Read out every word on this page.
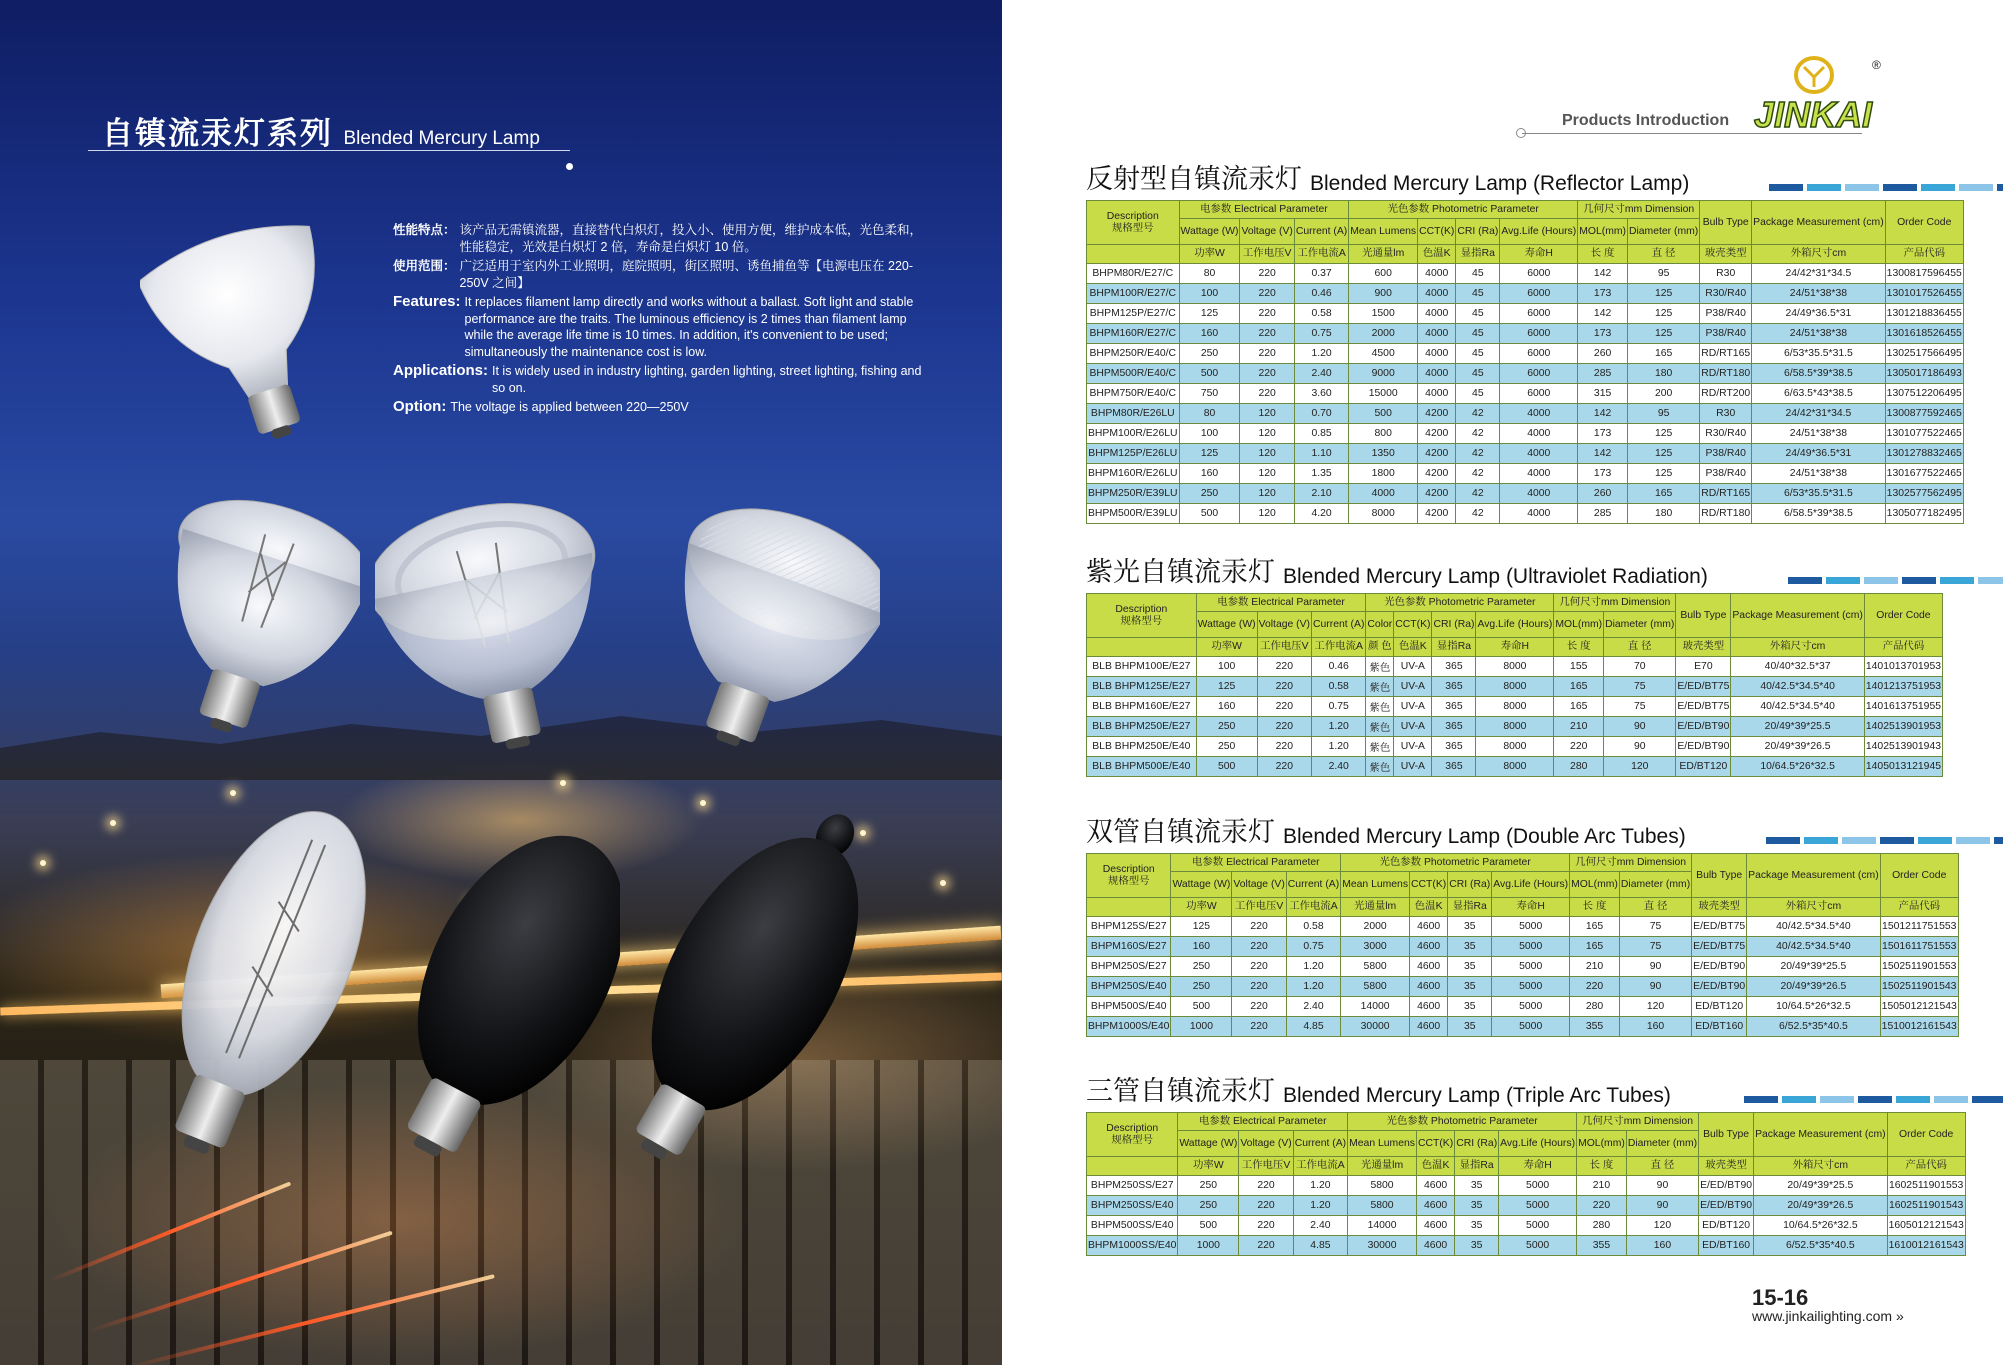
自镇流汞灯系列 Blended Mercury Lamp
性能特点： 该产品无需镇流器，直接替代白炽灯，投入小、使用方便，维护成本低，光色柔和，性能稳定，光效是白炽灯 2 倍，寿命是白炽灯 10 倍。
使用范围： 广泛适用于室内外工业照明，庭院照明，街区照明、诱鱼捕鱼等【电源电压在 220-250V 之间】
Features: It replaces filament lamp directly and works without a ballast. Soft light and stable performance are the traits. The luminous efficiency is 2 times than filament lamp while the average life time is 10 times. In addition, it's convenient to be used; simultaneously the maintenance cost is low.
Applications: It is widely used in industry lighting, garden lighting, street lighting, fishing and so on.
Option: The voltage is applied between 220—250V
Products Introduction JINKAI
®
反射型自镇流汞灯 Blended Mercury Lamp (Reflector Lamp)
Description
规格型号	电参数 Electrical Parameter			光色参数 Photometric Parameter				几何尺寸mm Dimension		Bulb Type	Package Measurement (cm)	Order Code
	Wattage (W)	Voltage (V)	Current (A)	Mean Lumens	CCT(K)	CRI (Ra)	Avg.Life (Hours)	MOL(mm)	Diameter (mm)			
	功率W	工作电压V	工作电流A	光通量lm	色温K	显指Ra	寿命H	长 度	直 径	玻壳类型	外箱尺寸cm	产品代码
BHPM80R/E27/C	80	220	0.37	600	4000	45	6000	142	95	R30	24/42*31*34.5	1300817596455
BHPM100R/E27/C	100	220	0.46	900	4000	45	6000	173	125	R30/R40	24/51*38*38	1301017526455
BHPM125P/E27/C	125	220	0.58	1500	4000	45	6000	142	125	P38/R40	24/49*36.5*31	1301218836455
BHPM160R/E27/C	160	220	0.75	2000	4000	45	6000	173	125	P38/R40	24/51*38*38	1301618526455
BHPM250R/E40/C	250	220	1.20	4500	4000	45	6000	260	165	RD/RT165	6/53*35.5*31.5	1302517566495
BHPM500R/E40/C	500	220	2.40	9000	4000	45	6000	285	180	RD/RT180	6/58.5*39*38.5	1305017186493
BHPM750R/E40/C	750	220	3.60	15000	4000	45	6000	315	200	RD/RT200	6/63.5*43*38.5	1307512206495
BHPM80R/E26LU	80	120	0.70	500	4200	42	4000	142	95	R30	24/42*31*34.5	1300877592465
BHPM100R/E26LU	100	120	0.85	800	4200	42	4000	173	125	R30/R40	24/51*38*38	1301077522465
BHPM125P/E26LU	125	120	1.10	1350	4200	42	4000	142	125	P38/R40	24/49*36.5*31	1301278832465
BHPM160R/E26LU	160	120	1.35	1800	4200	42	4000	173	125	P38/R40	24/51*38*38	1301677522465
BHPM250R/E39LU	250	120	2.10	4000	4200	42	4000	260	165	RD/RT165	6/53*35.5*31.5	1302577562495
BHPM500R/E39LU	500	120	4.20	8000	4200	42	4000	285	180	RD/RT180	6/58.5*39*38.5	1305077182495
紫光自镇流汞灯 Blended Mercury Lamp (Ultraviolet Radiation)
Description
规格型号	电参数 Electrical Parameter			光色参数 Photometric Parameter				几何尺寸mm Dimension		Bulb Type	Package Measurement (cm)	Order Code
	Wattage (W)	Voltage (V)	Current (A)	Color	CCT(K)	CRI (Ra)	Avg.Life (Hours)	MOL(mm)	Diameter (mm)			
	功率W	工作电压V	工作电流A	颜 色	色温K	显指Ra	寿命H	长 度	直 径	玻壳类型	外箱尺寸cm	产品代码
BLB BHPM100E/E27	100	220	0.46	紫色	UV-A	365	8000	155	70	E70	40/40*32.5*37	1401013701953
BLB BHPM125E/E27	125	220	0.58	紫色	UV-A	365	8000	165	75	E/ED/BT75	40/42.5*34.5*40	1401213751953
BLB BHPM160E/E27	160	220	0.75	紫色	UV-A	365	8000	165	75	E/ED/BT75	40/42.5*34.5*40	1401613751955
BLB BHPM250E/E27	250	220	1.20	紫色	UV-A	365	8000	210	90	E/ED/BT90	20/49*39*25.5	1402513901953
BLB BHPM250E/E40	250	220	1.20	紫色	UV-A	365	8000	220	90	E/ED/BT90	20/49*39*26.5	1402513901943
BLB BHPM500E/E40	500	220	2.40	紫色	UV-A	365	8000	280	120	ED/BT120	10/64.5*26*32.5	1405013121945
双管自镇流汞灯 Blended Mercury Lamp (Double Arc Tubes)
Description
规格型号	电参数 Electrical Parameter			光色参数 Photometric Parameter				几何尺寸mm Dimension		Bulb Type	Package Measurement (cm)	Order Code
	Wattage (W)	Voltage (V)	Current (A)	Mean Lumens	CCT(K)	CRI (Ra)	Avg.Life (Hours)	MOL(mm)	Diameter (mm)			
	功率W	工作电压V	工作电流A	光通量lm	色温K	显指Ra	寿命H	长 度	直 径	玻壳类型	外箱尺寸cm	产品代码
BHPM125S/E27	125	220	0.58	2000	4600	35	5000	165	75	E/ED/BT75	40/42.5*34.5*40	1501211751553
BHPM160S/E27	160	220	0.75	3000	4600	35	5000	165	75	E/ED/BT75	40/42.5*34.5*40	1501611751553
BHPM250S/E27	250	220	1.20	5800	4600	35	5000	210	90	E/ED/BT90	20/49*39*25.5	1502511901553
BHPM250S/E40	250	220	1.20	5800	4600	35	5000	220	90	E/ED/BT90	20/49*39*26.5	1502511901543
BHPM500S/E40	500	220	2.40	14000	4600	35	5000	280	120	ED/BT120	10/64.5*26*32.5	1505012121543
BHPM1000S/E40	1000	220	4.85	30000	4600	35	5000	355	160	ED/BT160	6/52.5*35*40.5	1510012161543
三管自镇流汞灯 Blended Mercury Lamp (Triple Arc Tubes)
Description
规格型号	电参数 Electrical Parameter			光色参数 Photometric Parameter				几何尺寸mm Dimension		Bulb Type	Package Measurement (cm)	Order Code
	Wattage (W)	Voltage (V)	Current (A)	Mean Lumens	CCT(K)	CRI (Ra)	Avg.Life (Hours)	MOL(mm)	Diameter (mm)			
	功率W	工作电压V	工作电流A	光通量lm	色温K	显指Ra	寿命H	长 度	直 径	玻壳类型	外箱尺寸cm	产品代码
BHPM250SS/E27	250	220	1.20	5800	4600	35	5000	210	90	E/ED/BT90	20/49*39*25.5	1602511901553
BHPM250SS/E40	250	220	1.20	5800	4600	35	5000	220	90	E/ED/BT90	20/49*39*26.5	1602511901543
BHPM500SS/E40	500	220	2.40	14000	4600	35	5000	280	120	ED/BT120	10/64.5*26*32.5	1605012121543
BHPM1000SS/E40	1000	220	4.85	30000	4600	35	5000	355	160	ED/BT160	6/52.5*35*40.5	1610012161543
15-16
www.jinkailighting.com »
